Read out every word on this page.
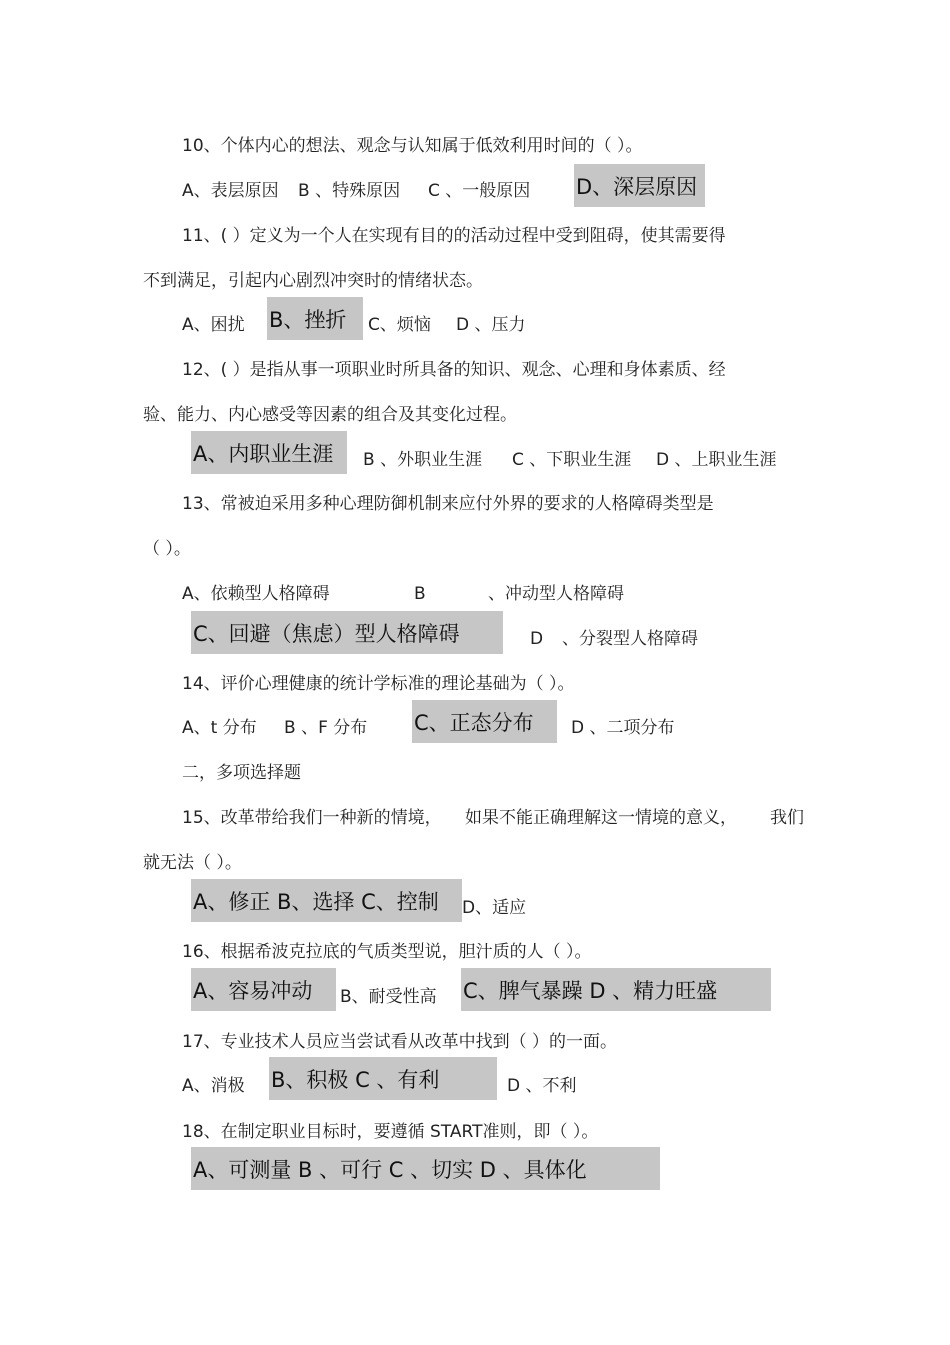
10、个体内心的想法、观念与认知属于低效利用时间的（ ）。
A、表层原因 B 、特殊原因 C 、一般原因 D、深层原因
11、( ）定义为一个人在实现有目的的活动过程中受到阻碍，使其需要得
不到满足，引起内心剧烈冲突时的情绪状态。
A、困扰 B、挫折	C、烦恼 D 、压力
12、( ）是指从事一项职业时所具备的知识、观念、心理和身体素质、经
验、能力、内心感受等因素的组合及其变化过程。
A、内职业生涯	B 、外职业生涯 C 、下职业生涯 D 、上职业生涯
13、常被迫采用多种心理防御机制来应付外界的要求的人格障碍类型是
（ ）。
A、依赖型人格障碍	B	、冲动型人格障碍
C、回避（焦虑）型人格障碍	D 、分裂型人格障碍
14、评价心理健康的统计学标准的理论基础为（ ）。
A、t 分布 B 、F 分布 C、正态分布	D 、二项分布
二，多项选择题
15、改革带给我们一种新的情境， 如果不能正确理解这一情境的意义， 我们
就无法（ ）。
A、修正 B、选择 C、控制	D、适应
16、根据希波克拉底的气质类型说，胆汁质的人（ ）。
A、容易冲动	B、耐受性高 C、脾气暴躁 D 、精力旺盛
17、专业技术人员应当尝试看从改革中找到（ ）的一面。
A、消极 B、积极 C 、有利	D 、不利
18、在制定职业目标时，要遵循 START准则，即（ ）。
A、可测量 B 、可行 C 、切实 D 、具体化
